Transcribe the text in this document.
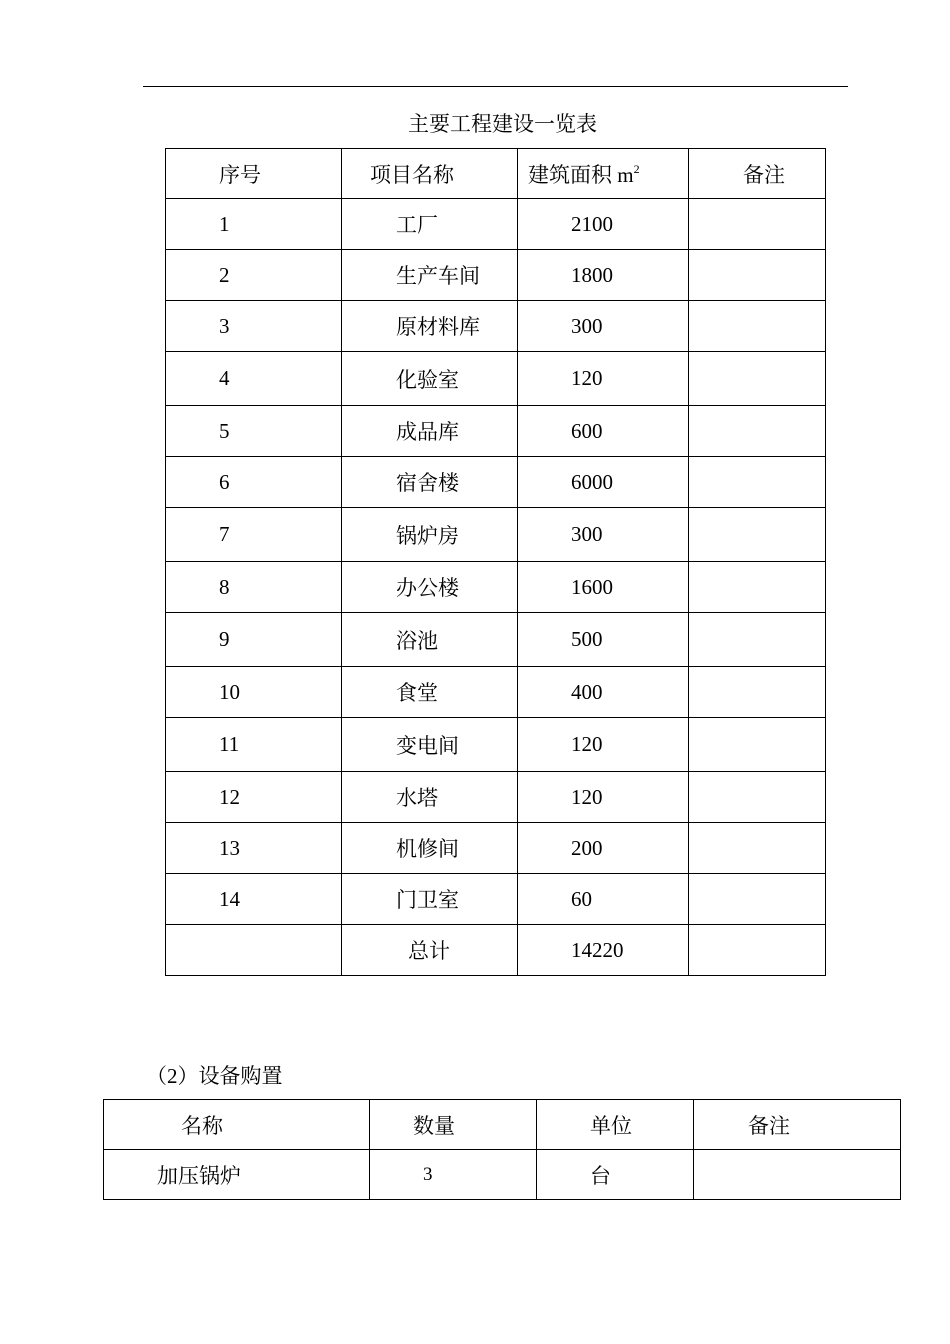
主要工程建设一览表
序号	项目名称	建筑面积 $m^2$	备注
1	工厂	2100	
2	生产车间	1800	
3	原材料库	300	
4	化验室	120	
5	成品库	600	
6	宿舍楼	6000	
7	锅炉房	300	
8	办公楼	1600	
9	浴池	500	
10	食堂	400	
11	变电间	120	
12	水塔	120	
13	机修间	200	
14	门卫室	60	
	总计	14220	
（2）设备购置
名称	数量	单位	备注
加压锅炉	3	台	
